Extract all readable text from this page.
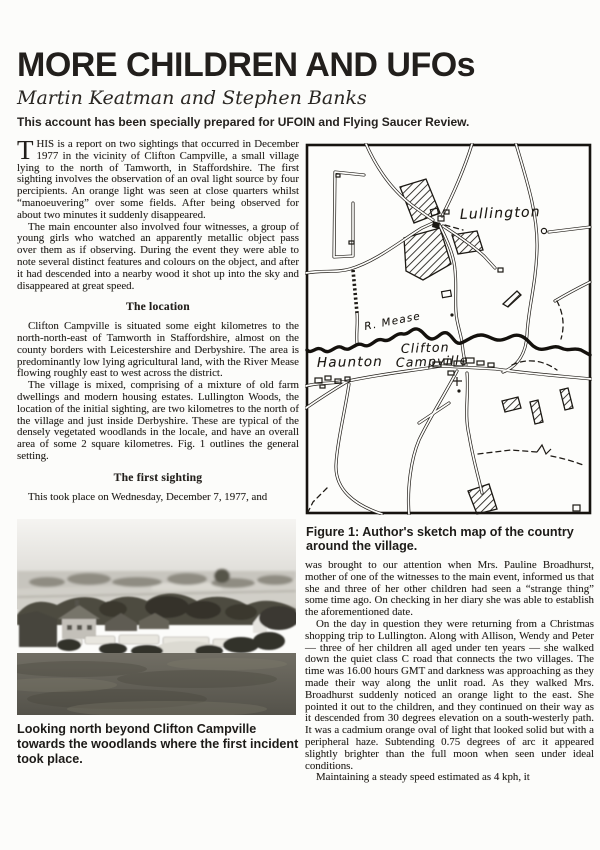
MORE CHILDREN AND UFOs
Martin Keatman and Stephen Banks
This account has been specially prepared for UFOIN and Flying Saucer Review.

THIS is a report on two sightings that occurred in December 1977 in the vicinity of Clifton Campville, a small village lying to the north of Tamworth, in Staffordshire. The first sighting involves the observation of an oval light source by four percipients. An orange light was seen at close quarters whilst “manoeuvering” over some fields. After being observed for about two minutes it suddenly disappeared.

The main encounter also involved four witnesses, a group of young girls who watched an apparently metallic object pass over them as if observing. During the event they were able to note several distinct features and colours on the object, and after it had descended into a nearby wood it shot up into the sky and disappeared at great speed.

The location

Clifton Campville is situated some eight kilometres to the north-north-east of Tamworth in Staffordshire, almost on the county borders with Leicestershire and Derbyshire. The area is predominantly low lying agricultural land, with the River Mease flowing roughly east to west across the district.

The village is mixed, comprising of a mixture of old farm dwellings and modern housing estates. Lullington Woods, the location of the initial sighting, are two kilometres to the north of the village and just inside Derbyshire. These are typical of the densely vegetated woodlands in the locale, and have an overall area of some 2 square kilometres. Fig. 1 outlines the general setting.

The first sighting

This took place on Wednesday, December 7, 1977, and

Looking north beyond Clifton Campville towards the woodlands where the first incident took place.
Lullington
R. Mease
Clifton
Campville
Haunton
Figure 1: Author's sketch map of the country around the village.

was brought to our attention when Mrs. Pauline Broadhurst, mother of one of the witnesses to the main event, informed us that she and three of her other children had seen a “strange thing” some time ago. On checking in her diary she was able to establish the aforementioned date.

On the day in question they were returning from a Christmas shopping trip to Lullington. Along with Allison, Wendy and Peter — three of her children all aged under ten years — she walked down the quiet class C road that connects the two villages. The time was 16.00 hours GMT and darkness was approaching as they made their way along the unlit road. As they walked Mrs. Broadhurst suddenly noticed an orange light to the east. She pointed it out to the children, and they continued on their way as it descended from 30 degrees elevation on a south-westerly path. It was a cadmium orange oval of light that looked solid but with a peripheral haze. Subtending 0.75 degrees of arc it appeared slightly brighter than the full moon when seen under ideal conditions.

Maintaining a steady speed estimated as 4 kph, it
